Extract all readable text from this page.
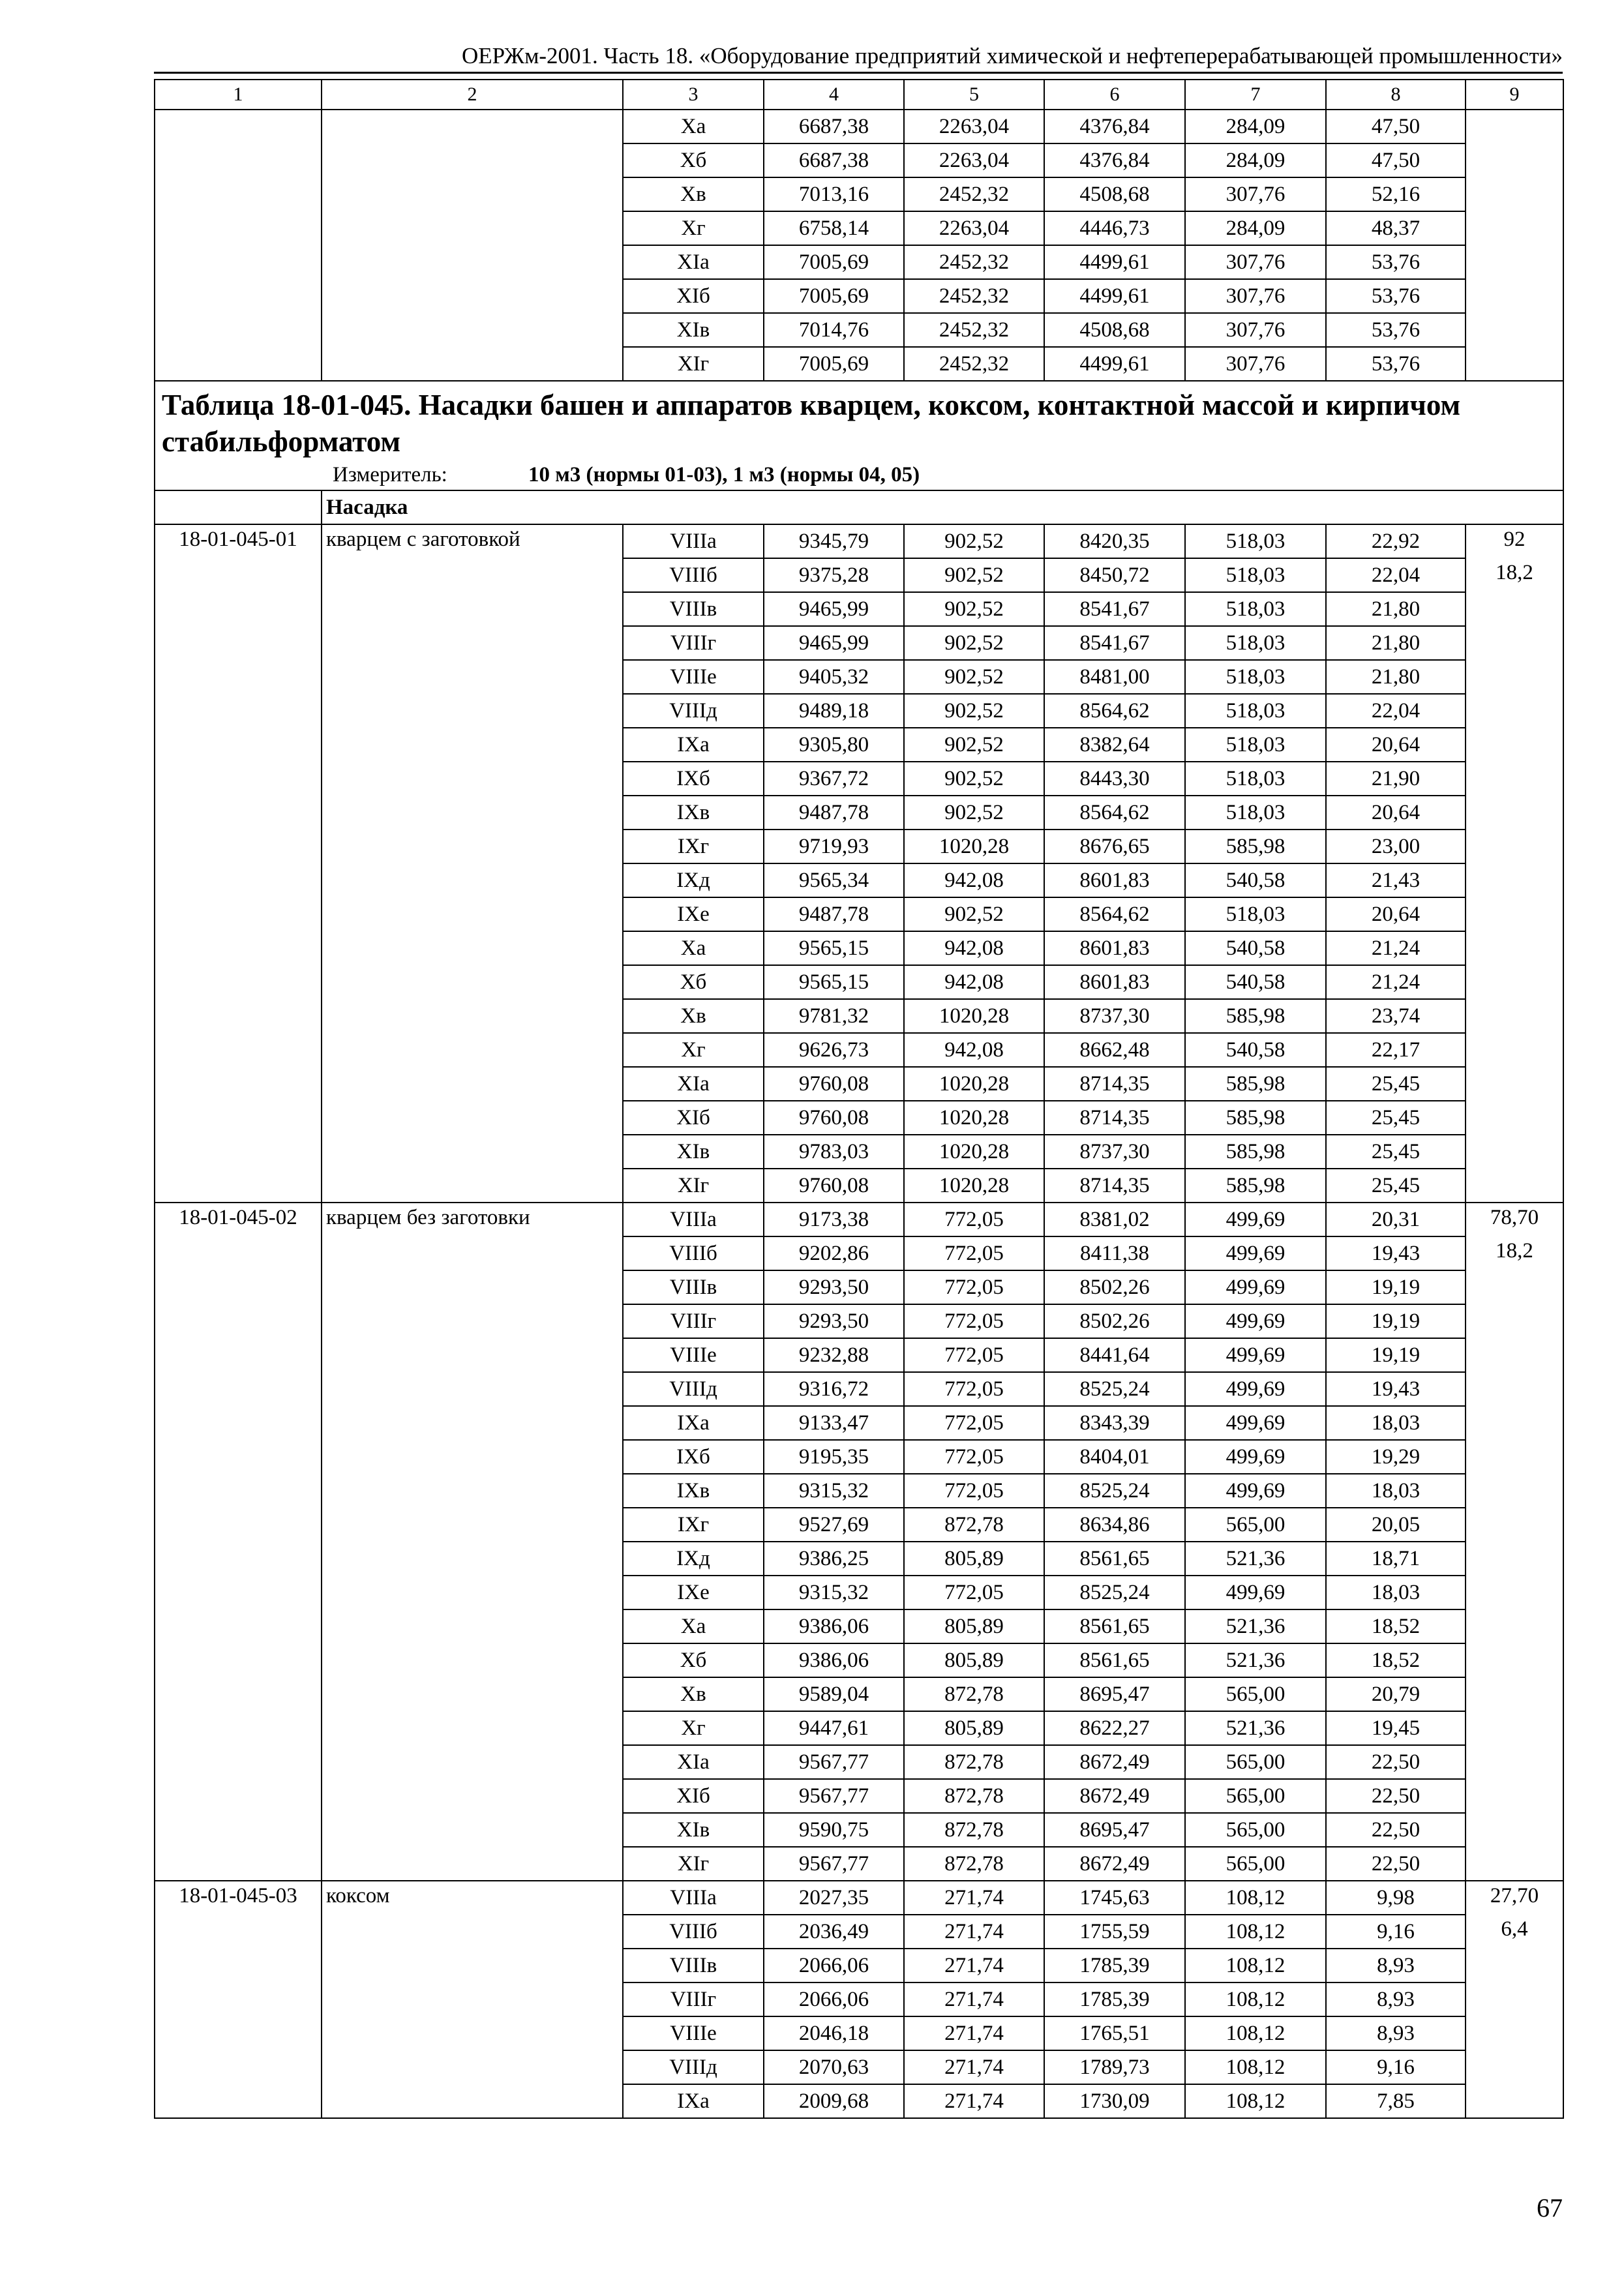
ОЕРЖм-2001. Часть 18. «Оборудование предприятий химической и нефтеперерабатывающей промышленности»
1	2	3	4	5	6	7	8	9
		Xа	6687,38	2263,04	4376,84	284,09	47,50	
		Xб	6687,38	2263,04	4376,84	284,09	47,50	
		Xв	7013,16	2452,32	4508,68	307,76	52,16	
		Xг	6758,14	2263,04	4446,73	284,09	48,37	
		XIа	7005,69	2452,32	4499,61	307,76	53,76	
		XIб	7005,69	2452,32	4499,61	307,76	53,76	
		XIв	7014,76	2452,32	4508,68	307,76	53,76	
		XIг	7005,69	2452,32	4499,61	307,76	53,76	
Таблица 18-01-045. Насадки башен и аппаратов кварцем, коксом, контактной массой и кирпичом стабильформатом								
Измеритель: 10 м3 (нормы 01-03), 1 м3 (нормы 04, 05)								
	Насадка							
18-01-045-01	кварцем с заготовкой	VIIIа	9345,79	902,52	8420,35	518,03	22,92	92
		VIIIб	9375,28	902,52	8450,72	518,03	22,04	18,2
		VIIIв	9465,99	902,52	8541,67	518,03	21,80	
		VIIIг	9465,99	902,52	8541,67	518,03	21,80	
		VIIIе	9405,32	902,52	8481,00	518,03	21,80	
		VIIIд	9489,18	902,52	8564,62	518,03	22,04	
		IXа	9305,80	902,52	8382,64	518,03	20,64	
		IXб	9367,72	902,52	8443,30	518,03	21,90	
		IXв	9487,78	902,52	8564,62	518,03	20,64	
		IXг	9719,93	1020,28	8676,65	585,98	23,00	
		IXд	9565,34	942,08	8601,83	540,58	21,43	
		IXе	9487,78	902,52	8564,62	518,03	20,64	
		Xа	9565,15	942,08	8601,83	540,58	21,24	
		Xб	9565,15	942,08	8601,83	540,58	21,24	
		Xв	9781,32	1020,28	8737,30	585,98	23,74	
		Xг	9626,73	942,08	8662,48	540,58	22,17	
		XIа	9760,08	1020,28	8714,35	585,98	25,45	
		XIб	9760,08	1020,28	8714,35	585,98	25,45	
		XIв	9783,03	1020,28	8737,30	585,98	25,45	
		XIг	9760,08	1020,28	8714,35	585,98	25,45	
18-01-045-02	кварцем без заготовки	VIIIа	9173,38	772,05	8381,02	499,69	20,31	78,70
		VIIIб	9202,86	772,05	8411,38	499,69	19,43	18,2
		VIIIв	9293,50	772,05	8502,26	499,69	19,19	
		VIIIг	9293,50	772,05	8502,26	499,69	19,19	
		VIIIе	9232,88	772,05	8441,64	499,69	19,19	
		VIIIд	9316,72	772,05	8525,24	499,69	19,43	
		IXа	9133,47	772,05	8343,39	499,69	18,03	
		IXб	9195,35	772,05	8404,01	499,69	19,29	
		IXв	9315,32	772,05	8525,24	499,69	18,03	
		IXг	9527,69	872,78	8634,86	565,00	20,05	
		IXд	9386,25	805,89	8561,65	521,36	18,71	
		IXе	9315,32	772,05	8525,24	499,69	18,03	
		Xа	9386,06	805,89	8561,65	521,36	18,52	
		Xб	9386,06	805,89	8561,65	521,36	18,52	
		Xв	9589,04	872,78	8695,47	565,00	20,79	
		Xг	9447,61	805,89	8622,27	521,36	19,45	
		XIа	9567,77	872,78	8672,49	565,00	22,50	
		XIб	9567,77	872,78	8672,49	565,00	22,50	
		XIв	9590,75	872,78	8695,47	565,00	22,50	
		XIг	9567,77	872,78	8672,49	565,00	22,50	
18-01-045-03	коксом	VIIIа	2027,35	271,74	1745,63	108,12	9,98	27,70
		VIIIб	2036,49	271,74	1755,59	108,12	9,16	6,4
		VIIIв	2066,06	271,74	1785,39	108,12	8,93	
		VIIIг	2066,06	271,74	1785,39	108,12	8,93	
		VIIIе	2046,18	271,74	1765,51	108,12	8,93	
		VIIIд	2070,63	271,74	1789,73	108,12	9,16	
		IXа	2009,68	271,74	1730,09	108,12	7,85	
67
